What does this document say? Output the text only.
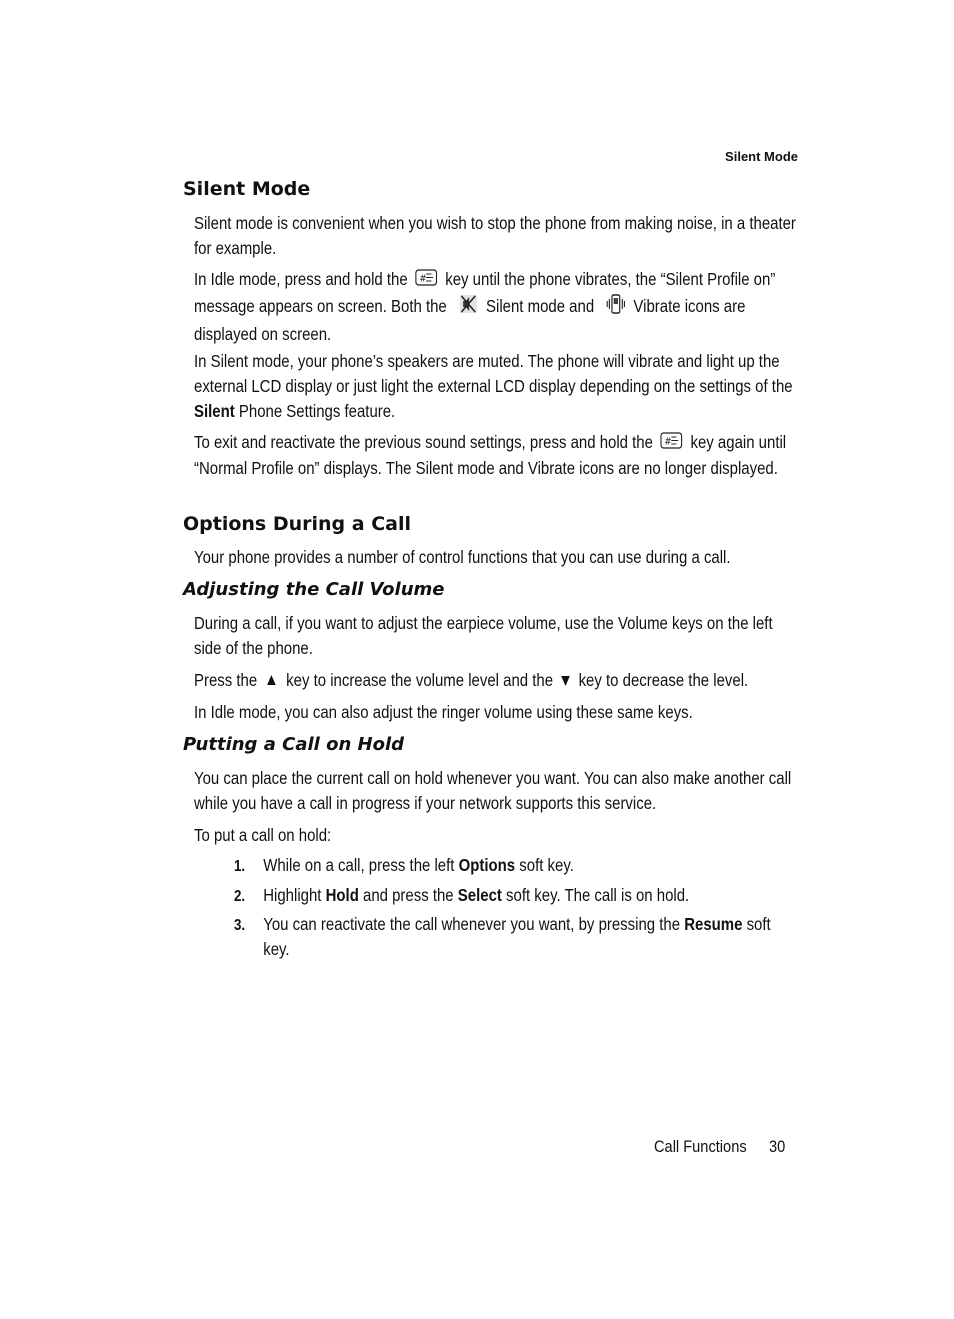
Silent Mode
Silent Mode
Silent mode is convenient when you wish to stop the phone from making noise, in a theater for example.
In Idle mode, press and hold the # key until the phone vibrates, the “Silent Profile on” message appears on screen. Both the Silent mode and Vibrate icons are displayed on screen.
In Silent mode, your phone’s speakers are muted. The phone will vibrate and light up the external LCD display or just light the external LCD display depending on the settings of the Silent Phone Settings feature.
To exit and reactivate the previous sound settings, press and hold the # key again until “Normal Profile on” displays. The Silent mode and Vibrate icons are no longer displayed.
Options During a Call
Your phone provides a number of control functions that you can use during a call.
Adjusting the Call Volume
During a call, if you want to adjust the earpiece volume, use the Volume keys on the left side of the phone.
Press the key to increase the volume level and the key to decrease the level.
In Idle mode, you can also adjust the ringer volume using these same keys.
Putting a Call on Hold
You can place the current call on hold whenever you want. You can also make another call while you have a call in progress if your network supports this service.
To put a call on hold:
1. While on a call, press the left Options soft key.
2. Highlight Hold and press the Select soft key. The call is on hold.
3. You can reactivate the call whenever you want, by pressing the Resume soft key.
Call Functions 30
